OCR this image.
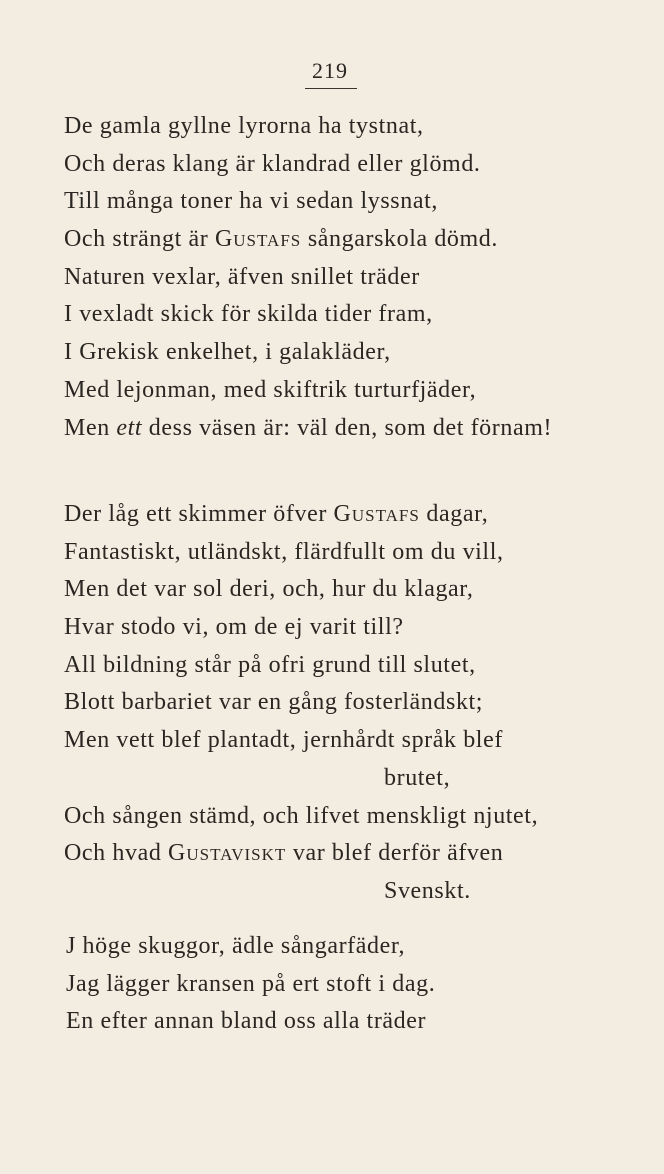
219
De gamla gyllne lyrorna ha tystnat,
Och deras klang är klandrad eller glömd.
Till många toner ha vi sedan lyssnat,
Och strängt är Gustafs sångarskola dömd.
Naturen vexlar, äfven snillet träder
I vexladt skick för skilda tider fram,
I Grekisk enkelhet, i galakläder,
Med lejonman, med skiftrik turturfjäder,
Men ett dess väsen är: väl den, som det förnam!
Der låg ett skimmer öfver Gustafs dagar,
Fantastiskt, utländskt, flärdfullt om du vill,
Men det var sol deri, och, hur du klagar,
Hvar stodo vi, om de ej varit till?
All bildning står på ofri grund till slutet,
Blott barbariet var en gång fosterländskt;
Men vett blef plantadt, jernhårdt språk blef
brutet,
Och sången stämd, och lifvet menskligt njutet,
Och hvad Gustaviskt var blef derför äfven
Svenskt.
J höge skuggor, ädle sångarfäder,
Jag lägger kransen på ert stoft i dag.
En efter annan bland oss alla träder
